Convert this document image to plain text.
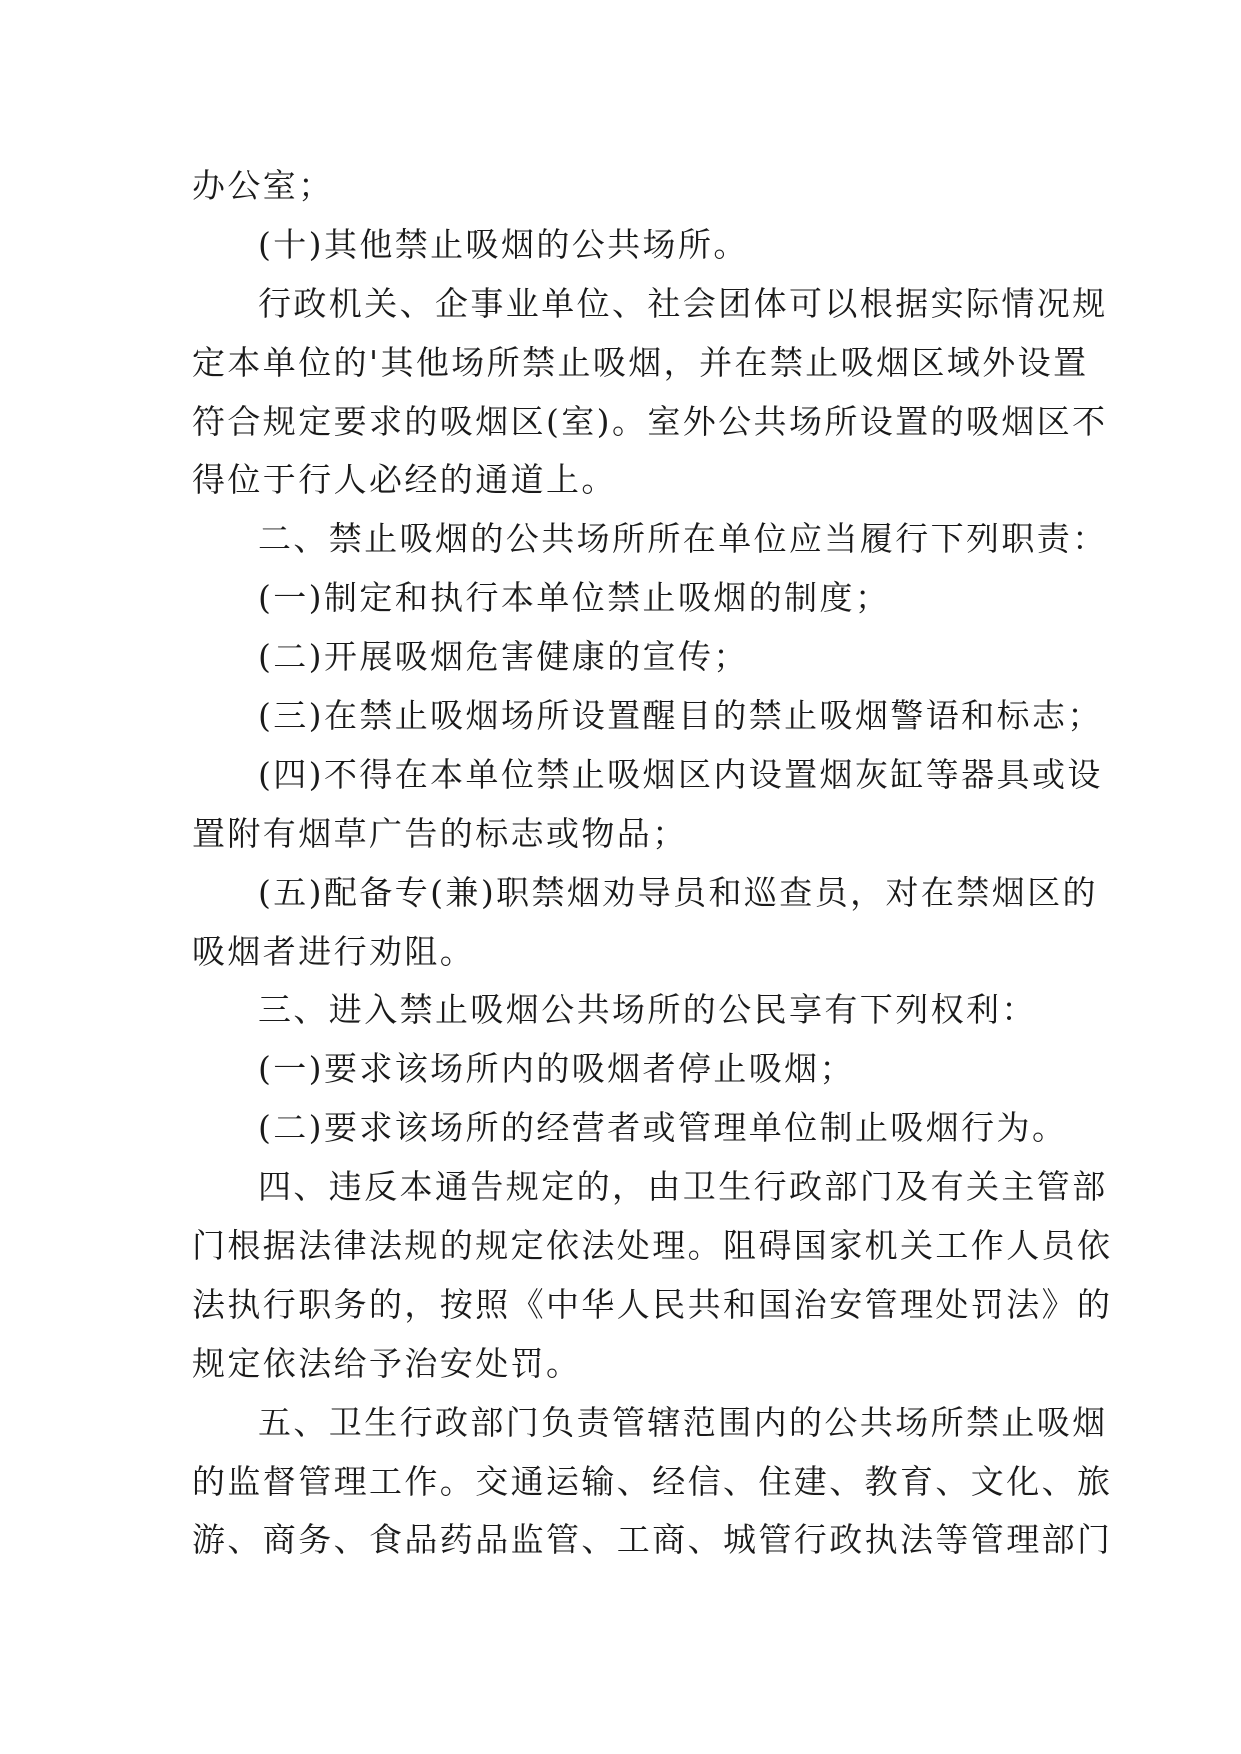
办公室；
(十)其他禁止吸烟的公共场所。
行政机关、企事业单位、社会团体可以根据实际情况规
定本单位的'其他场所禁止吸烟，并在禁止吸烟区域外设置
符合规定要求的吸烟区(室)。室外公共场所设置的吸烟区不
得位于行人必经的通道上。
二、禁止吸烟的公共场所所在单位应当履行下列职责：
(一)制定和执行本单位禁止吸烟的制度；
(二)开展吸烟危害健康的宣传；
(三)在禁止吸烟场所设置醒目的禁止吸烟警语和标志；
(四)不得在本单位禁止吸烟区内设置烟灰缸等器具或设
置附有烟草广告的标志或物品；
(五)配备专(兼)职禁烟劝导员和巡查员，对在禁烟区的
吸烟者进行劝阻。
三、进入禁止吸烟公共场所的公民享有下列权利：
(一)要求该场所内的吸烟者停止吸烟；
(二)要求该场所的经营者或管理单位制止吸烟行为。
四、违反本通告规定的，由卫生行政部门及有关主管部
门根据法律法规的规定依法处理。阻碍国家机关工作人员依
法执行职务的，按照《中华人民共和国治安管理处罚法》的
规定依法给予治安处罚。
五、卫生行政部门负责管辖范围内的公共场所禁止吸烟
的监督管理工作。交通运输、经信、住建、教育、文化、旅
游、商务、食品药品监管、工商、城管行政执法等管理部门
